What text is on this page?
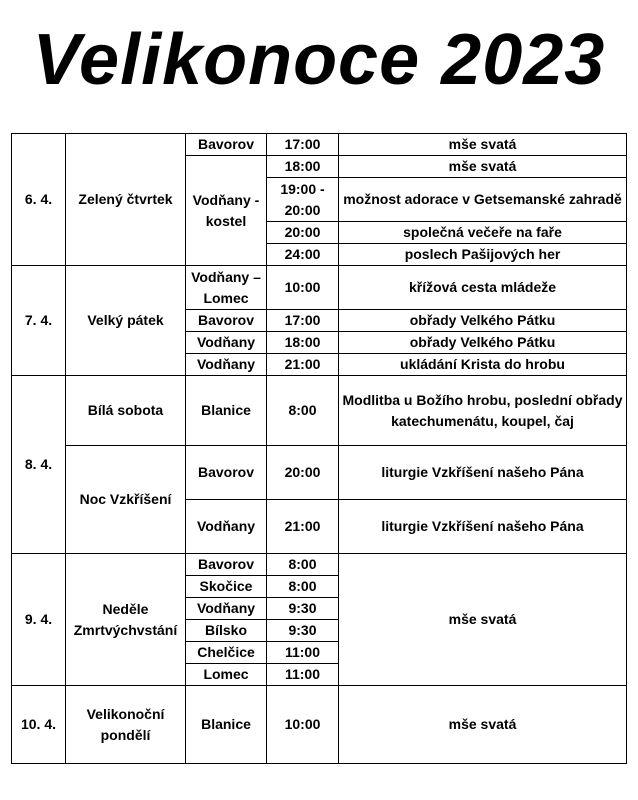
Velikonoce 2023
6. 4.	Zelený čtvrtek	Bavorov	17:00	mše svatá
		Vodňany - kostel	18:00	mše svatá
			19:00 - 20:00	možnost adorace v Getsemanské zahradě

			20:00	společná večeře na faře
			24:00	poslech Pašijových her
7. 4.	Velký pátek	Vodňany – Lomec	10:00	křížová cesta mládeže
		Bavorov	17:00	obřady Velkého Pátku
		Vodňany	18:00	obřady Velkého Pátku
		Vodňany	21:00	ukládání Krista do hrobu
8. 4.	Bílá sobota	Blanice	8:00	Modlitba u Božího hrobu, poslední obřady katechumenátu, koupel, čaj
	Noc Vzkříšení	Bavorov	20:00	liturgie Vzkříšení našeho Pána
		Vodňany	21:00	liturgie Vzkříšení našeho Pána
9. 4.	Neděle Zmrtvýchvstání	Bavorov	8:00	mše svatá
		Skočice	8:00	
		Vodňany	9:30	
		Bílsko	9:30	
		Chelčice	11:00	
		Lomec	11:00	
10. 4.	Velikonoční pondělí	Blanice	10:00	mše svatá
